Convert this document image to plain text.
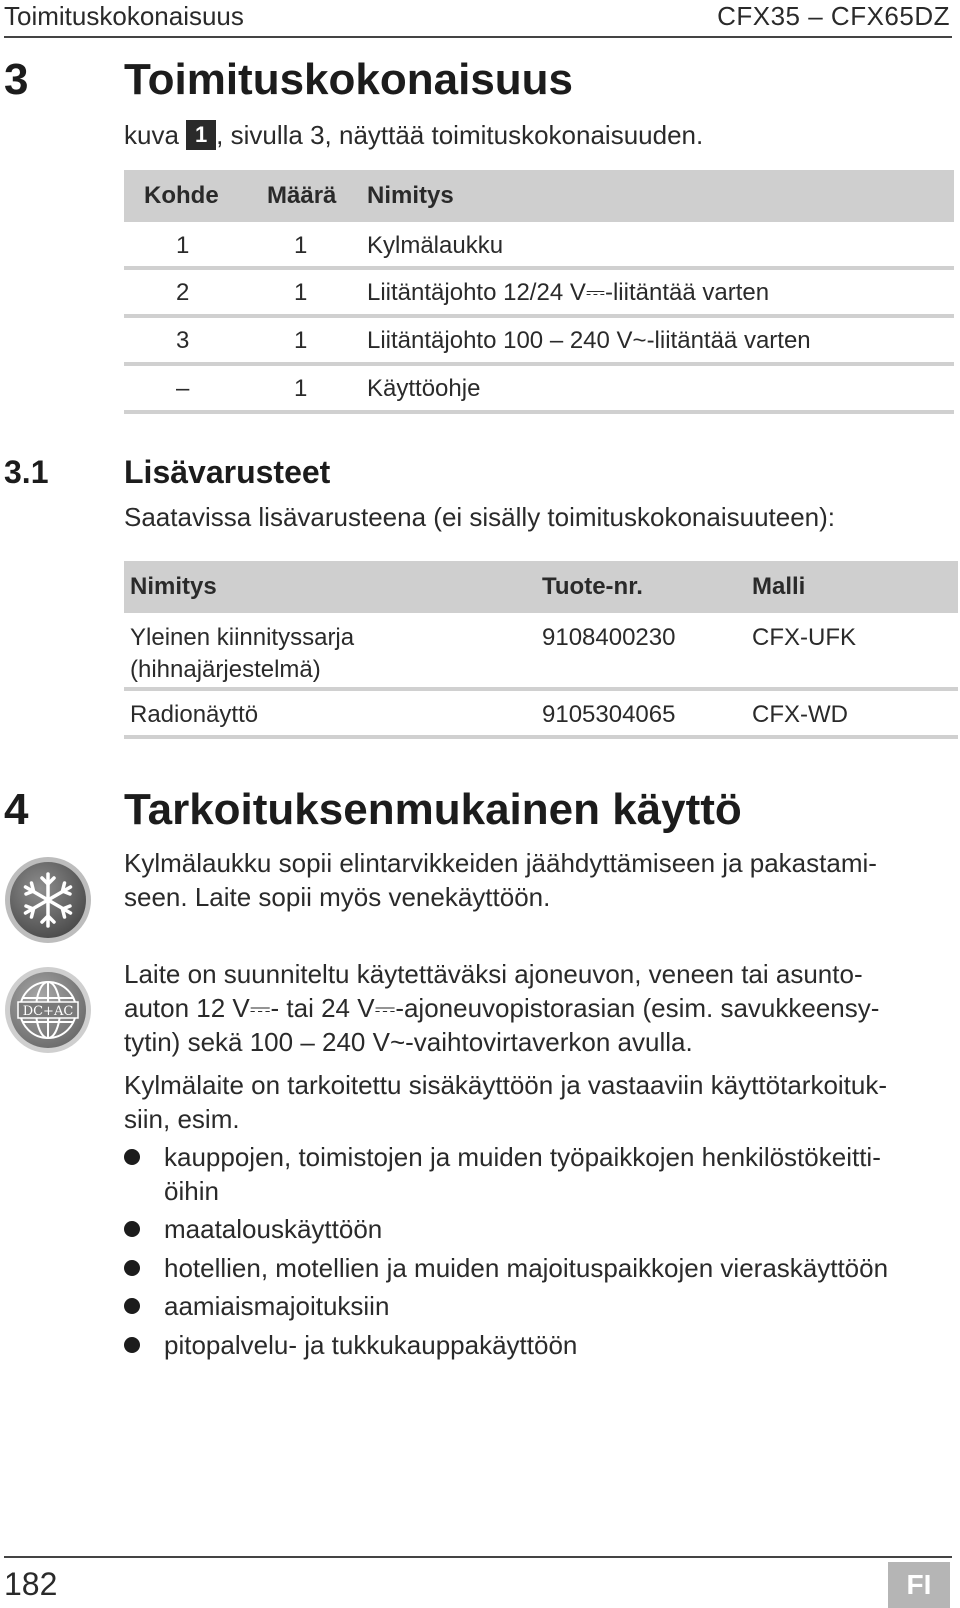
Toimituskokonaisuus	CFX35 – CFX65DZ
3 Toimituskokonaisuus
kuva 1 , sivulla 3, näyttää toimituskokonaisuuden.
Kohde Määrä Nimitys
1	1 Kylmälaukku
2	1 Liitäntäjohto 12/24 V⎓-liitäntää varten
3	1 Liitäntäjohto 100 – 240 V~-liitäntää varten
–	1 Käyttöohje
3.1 Lisävarusteet
Saatavissa lisävarusteena (ei sisälly toimituskokonaisuuteen):
Nimitys	Tuote-nr.	Malli
Yleinen kiinnityssarja
(hihnajärjestelmä)
9108400230	CFX-UFK
Radionäyttö	9105304065	CFX-WD
4 Tarkoituksenmukainen käyttö
Kylmälaukku sopii elintarvikkeiden jäähdyttämiseen ja pakastami-
seen. Laite sopii myös venekäyttöön.
DC+AC
Laite on suunniteltu käytettäväksi ajoneuvon, veneen tai asunto-
auton 12 V⎓- tai 24 V⎓-ajoneuvopistorasian (esim. savukkeensy-
tytin) sekä 100 – 240 V~-vaihtovirtaverkon avulla.
Kylmälaite on tarkoitettu sisäkäyttöön ja vastaaviin käyttötarkoituk-
siin, esim.
kauppojen, toimistojen ja muiden työpaikkojen henkilöstökeitti-
öihin
maatalouskäyttöön
hotellien, motellien ja muiden majoituspaikkojen vieraskäyttöön
aamiaismajoituksiin
pitopalvelu- ja tukkukauppakäyttöön
182	FI
